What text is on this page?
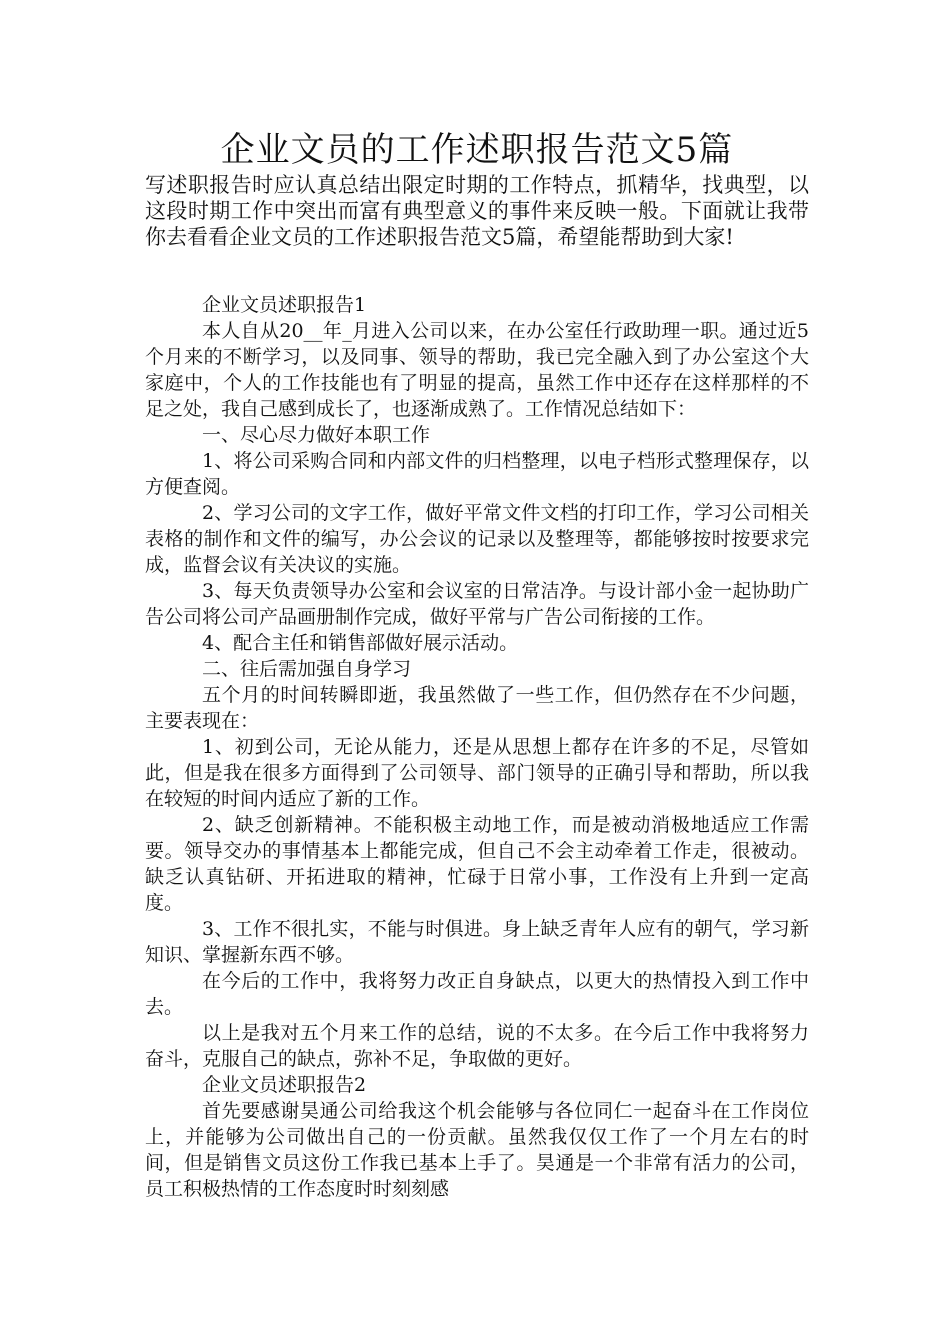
企业文员的工作述职报告范文5篇

写述职报告时应认真总结出限定时期的工作特点，抓精华，找典型，以这段时期工作中突出而富有典型意义的事件来反映一般。下面就让我带你去看看企业文员的工作述职报告范文5篇，希望能帮助到大家!

企业文员述职报告1

本人自从20__年_月进入公司以来，在办公室任行政助理一职。通过近5个月来的不断学习，以及同事、领导的帮助，我已完全融入到了办公室这个大家庭中，个人的工作技能也有了明显的提高，虽然工作中还存在这样那样的不足之处，我自己感到成长了，也逐渐成熟了。工作情况总结如下：

一、尽心尽力做好本职工作

1、将公司采购合同和内部文件的归档整理，以电子档形式整理保存，以方便查阅。

2、学习公司的文字工作，做好平常文件文档的打印工作，学习公司相关表格的制作和文件的编写，办公会议的记录以及整理等，都能够按时按要求完成，监督会议有关决议的实施。

3、每天负责领导办公室和会议室的日常洁净。与设计部小金一起协助广告公司将公司产品画册制作完成，做好平常与广告公司衔接的工作。

4、配合主任和销售部做好展示活动。

二、往后需加强自身学习

五个月的时间转瞬即逝，我虽然做了一些工作，但仍然存在不少问题，主要表现在：

1、初到公司，无论从能力，还是从思想上都存在许多的不足，尽管如此，但是我在很多方面得到了公司领导、部门领导的正确引导和帮助，所以我在较短的时间内适应了新的工作。

2、缺乏创新精神。不能积极主动地工作，而是被动消极地适应工作需要。领导交办的事情基本上都能完成，但自己不会主动牵着工作走，很被动。缺乏认真钻研、开拓进取的精神，忙碌于日常小事，工作没有上升到一定高度。

3、工作不很扎实，不能与时俱进。身上缺乏青年人应有的朝气，学习新知识、掌握新东西不够。

在今后的工作中，我将努力改正自身缺点，以更大的热情投入到工作中去。

以上是我对五个月来工作的总结，说的不太多。在今后工作中我将努力奋斗，克服自己的缺点，弥补不足，争取做的更好。

企业文员述职报告2

首先要感谢昊通公司给我这个机会能够与各位同仁一起奋斗在工作岗位上，并能够为公司做出自己的一份贡献。虽然我仅仅工作了一个月左右的时间，但是销售文员这份工作我已基本上手了。昊通是一个非常有活力的公司，员工积极热情的工作态度时时刻刻感
